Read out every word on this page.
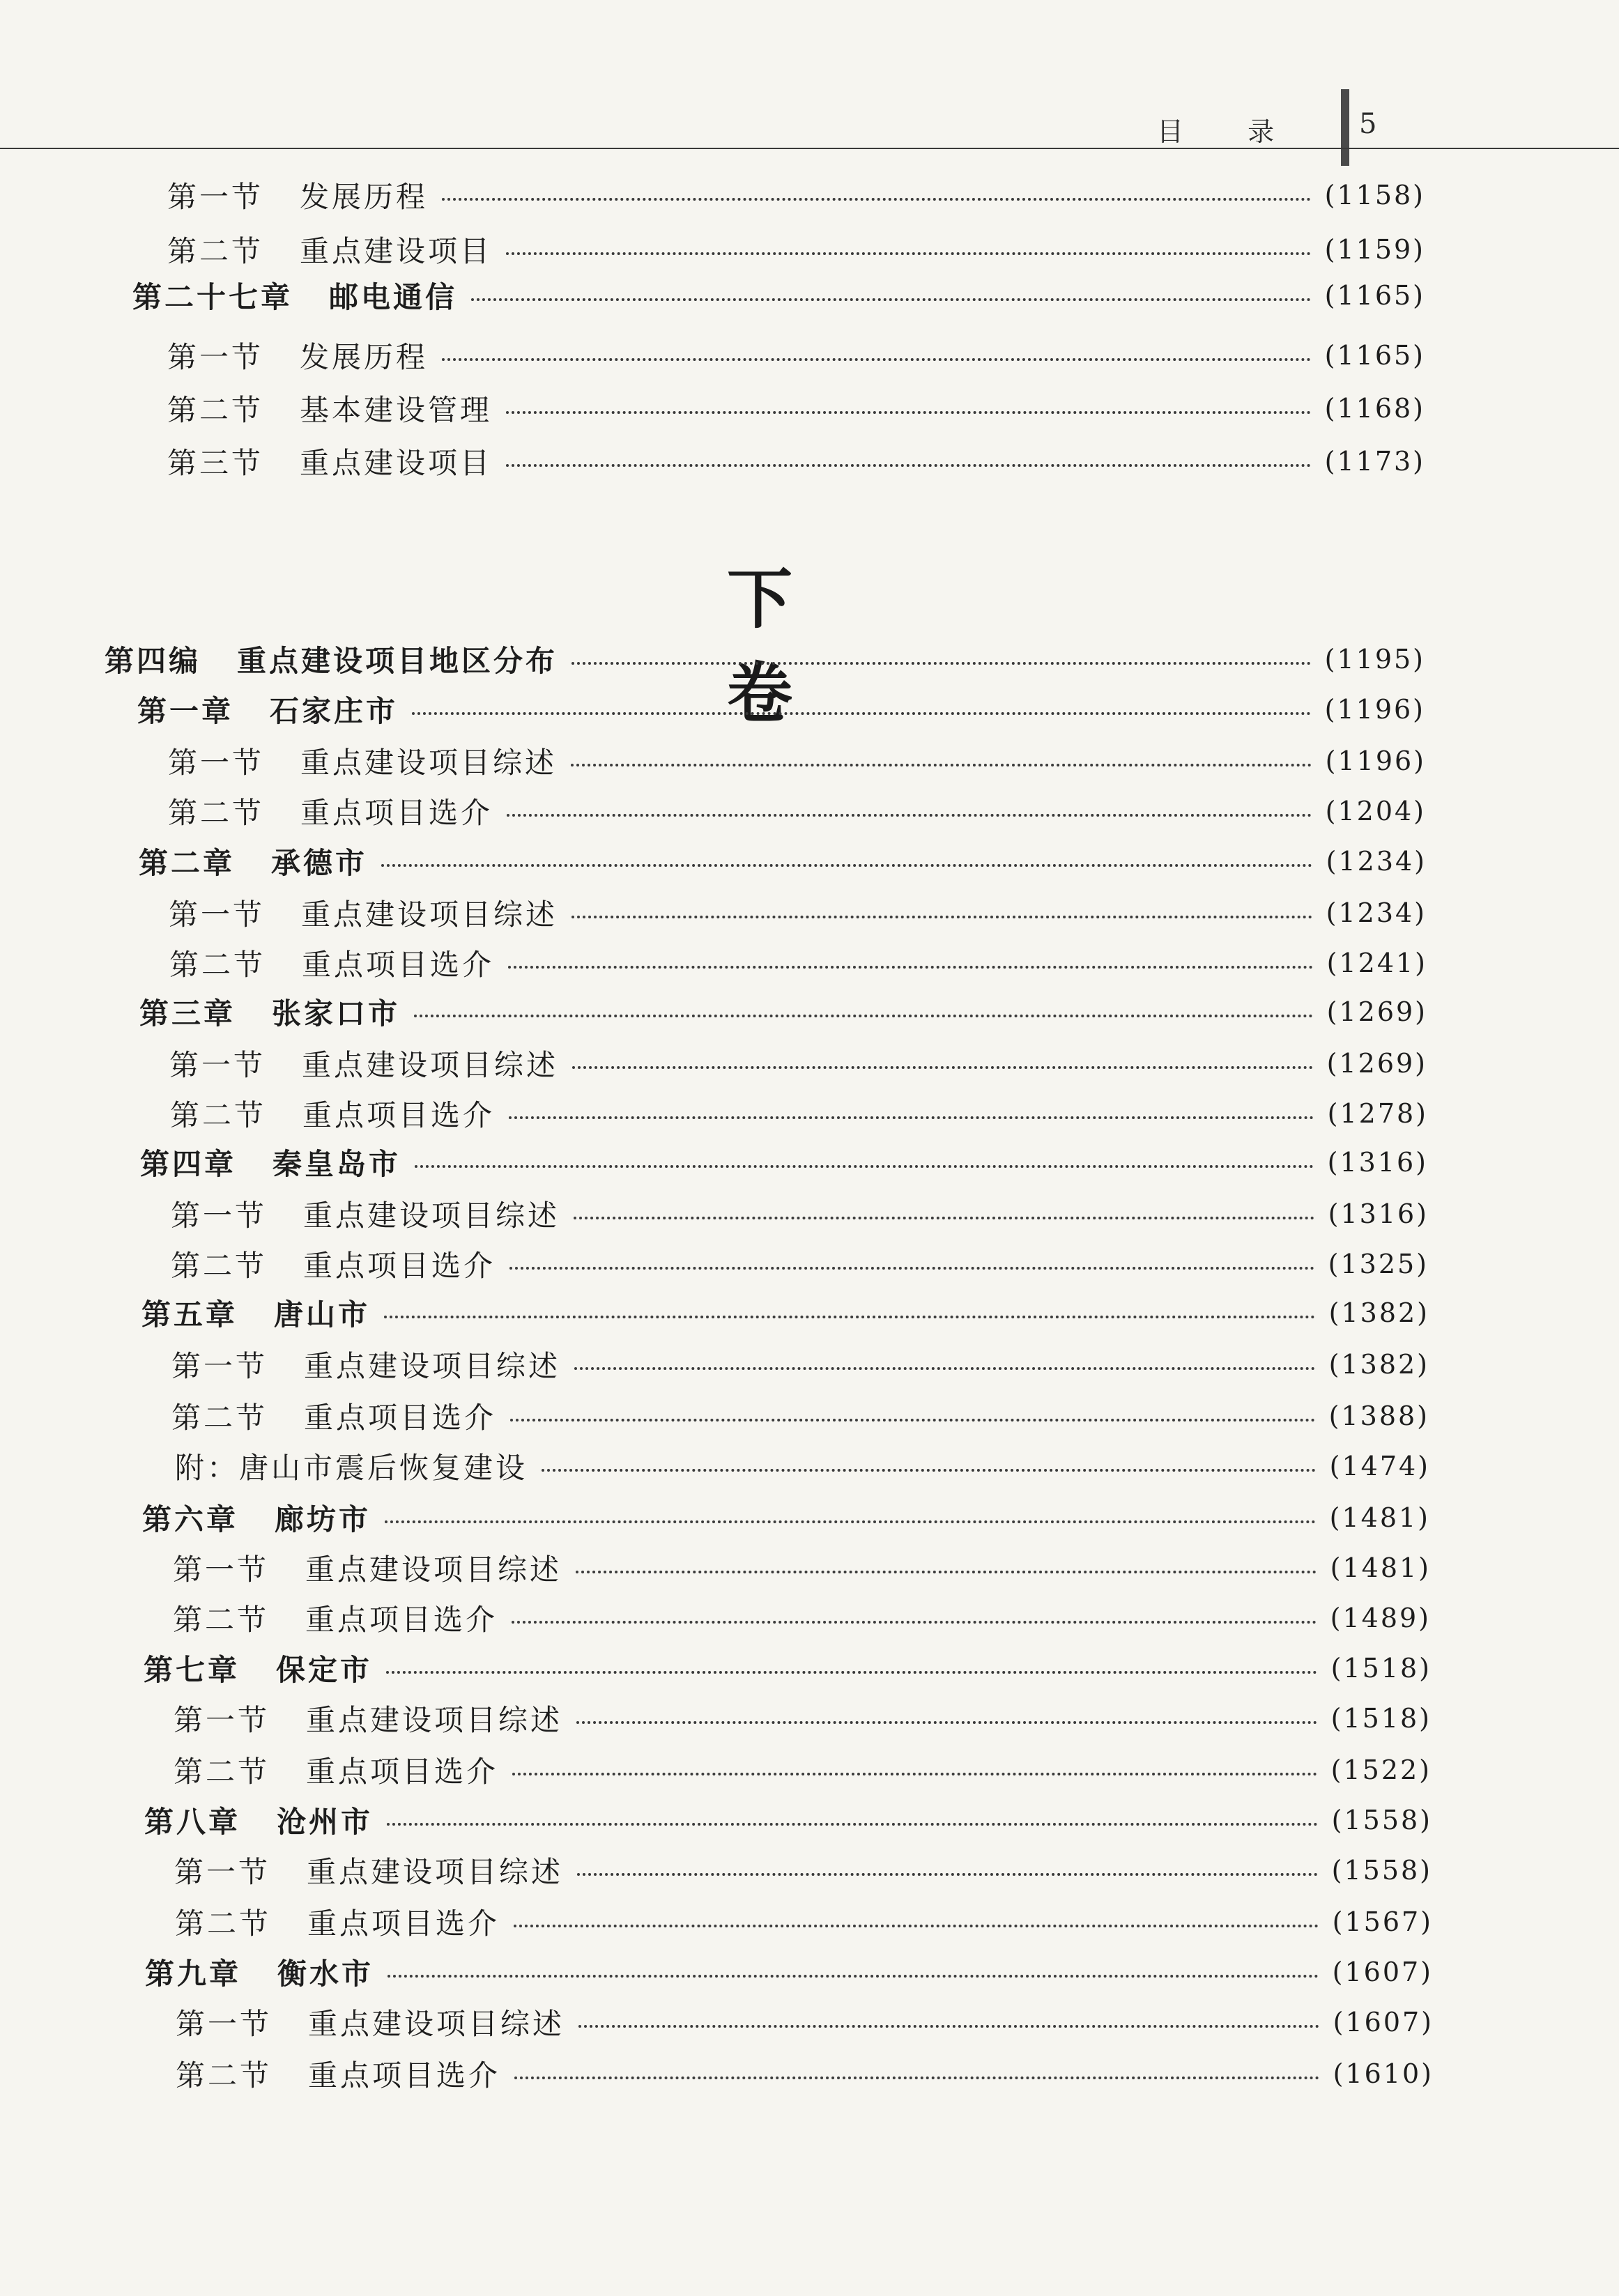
目 录 5
下 卷
第一节 发展历程	(1158)
第二节 重点建设项目	(1159)
第二十七章 邮电通信	(1165)
第一节 发展历程	(1165)
第二节 基本建设管理	(1168)
第三节 重点建设项目	(1173)
第四编 重点建设项目地区分布	(1195)
第一章 石家庄市	(1196)
第一节 重点建设项目综述	(1196)
第二节 重点项目选介	(1204)
第二章 承德市	(1234)
第一节 重点建设项目综述	(1234)
第二节 重点项目选介	(1241)
第三章 张家口市	(1269)
第一节 重点建设项目综述	(1269)
第二节 重点项目选介	(1278)
第四章 秦皇岛市	(1316)
第一节 重点建设项目综述	(1316)
第二节 重点项目选介	(1325)
第五章 唐山市	(1382)
第一节 重点建设项目综述	(1382)
第二节 重点项目选介	(1388)
附： 唐山市震后恢复建设	(1474)
第六章 廊坊市	(1481)
第一节 重点建设项目综述	(1481)
第二节 重点项目选介	(1489)
第七章 保定市	(1518)
第一节 重点建设项目综述	(1518)
第二节 重点项目选介	(1522)
第八章 沧州市	(1558)
第一节 重点建设项目综述	(1558)
第二节 重点项目选介	(1567)
第九章 衡水市	(1607)
第一节 重点建设项目综述	(1607)
第二节 重点项目选介	(1610)
